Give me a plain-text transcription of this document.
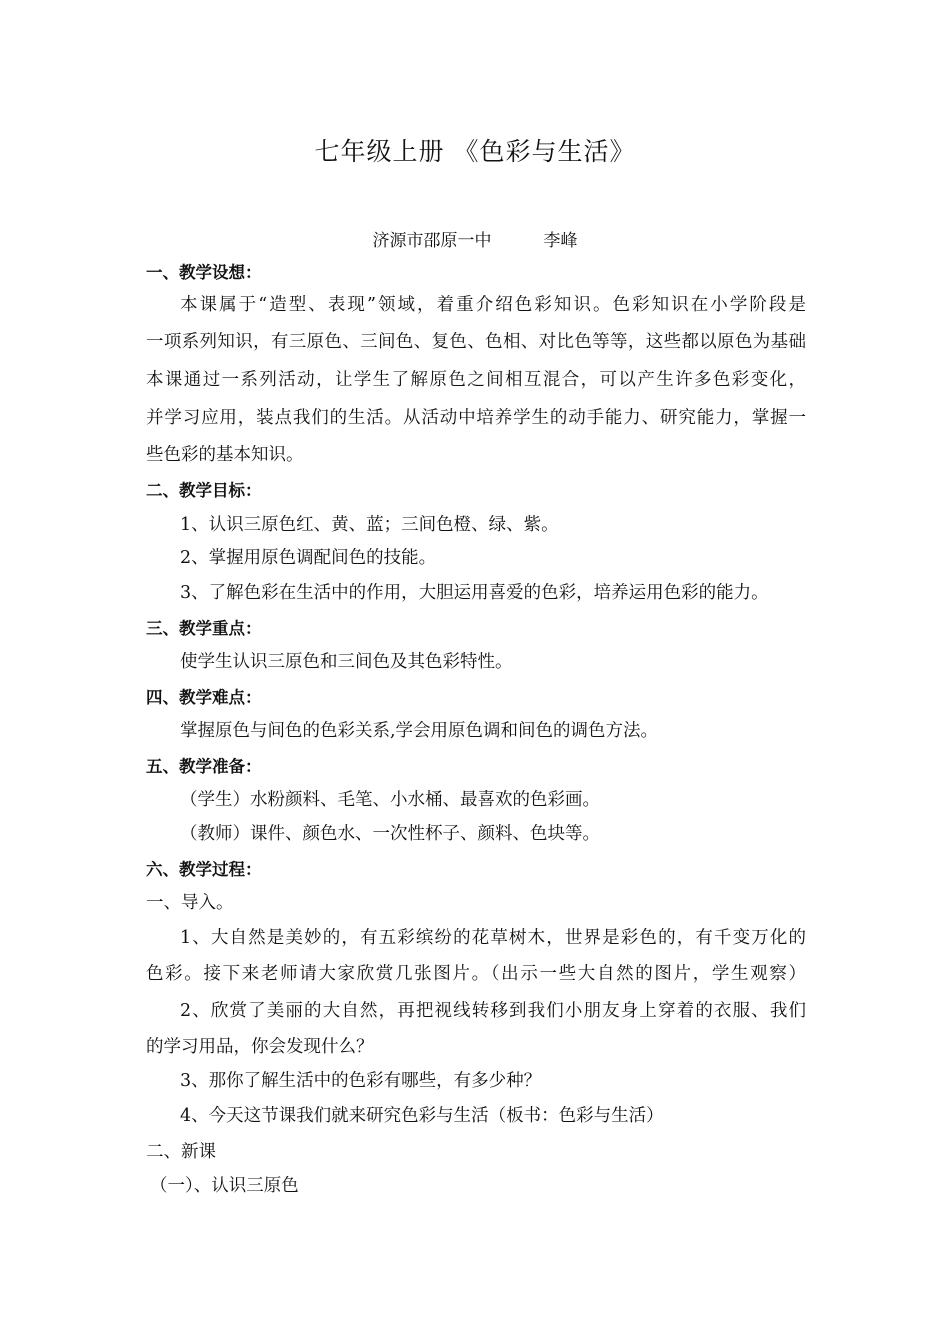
七年级上册 《色彩与生活》
济源市邵原一中	李峰
一、教学设想：
本课属于“造型、表现”领域，着重介绍色彩知识。色彩知识在小学阶段是
一项系列知识，有三原色、三间色、复色、色相、对比色等等，这些都以原色为基础
本课通过一系列活动，让学生了解原色之间相互混合，可以产生许多色彩变化，
并学习应用，装点我们的生活。从活动中培养学生的动手能力、研究能力，掌握一
些色彩的基本知识。
二、教学目标：
1、认识三原色红、黄、蓝；三间色橙、绿、紫。
2、掌握用原色调配间色的技能。
3、了解色彩在生活中的作用，大胆运用喜爱的色彩，培养运用色彩的能力。
三、教学重点：
使学生认识三原色和三间色及其色彩特性。
四、教学难点：
掌握原色与间色的色彩关系,学会用原色调和间色的调色方法。
五、教学准备：
（学生）水粉颜料、毛笔、小水桶、最喜欢的色彩画。
（教师）课件、颜色水、一次性杯子、颜料、色块等。
六、教学过程：
一、导入。
1、大自然是美妙的，有五彩缤纷的花草树木，世界是彩色的，有千变万化的
色彩。接下来老师请大家欣赏几张图片。（出示一些大自然的图片，学生观察）
2、欣赏了美丽的大自然，再把视线转移到我们小朋友身上穿着的衣服、我们
的学习用品，你会发现什么？
3、那你了解生活中的色彩有哪些，有多少种？
4、今天这节课我们就来研究色彩与生活（板书：色彩与生活）
二、新课
（一）、认识三原色
